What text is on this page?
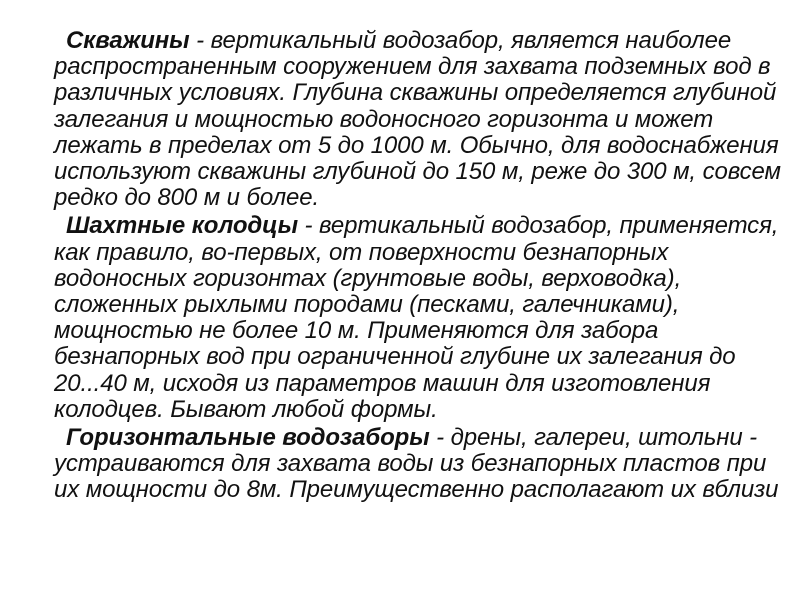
Скважины - вертикальный водозабор, является наиболее распространенным сооружением для захвата подземных вод в различных условиях. Глубина скважины определяется глубиной залегания и мощностью водоносного горизонта и может лежать в пределах от 5 до 1000 м. Обычно, для водоснабжения используют скважины глубиной до 150 м, реже до 300 м, совсем редко до 800 м и более.

Шахтные колодцы - вертикальный водозабор, применяется, как правило, во-первых, от поверхности безнапорных водоносных горизонтах (грунтовые воды, верховодка), сложенных рыхлыми породами (песками, галечниками), мощностью не более 10 м. Применяются для забора безнапорных вод при ограниченной глубине их залегания до 20...40 м, исходя из параметров машин для изготовления колодцев. Бывают любой формы.

Горизонтальные водозаборы - дрены, галереи, штольни - устраиваются для захвата воды из безнапорных пластов при их мощности до 8м. Преимущественно располагают их вблизи
